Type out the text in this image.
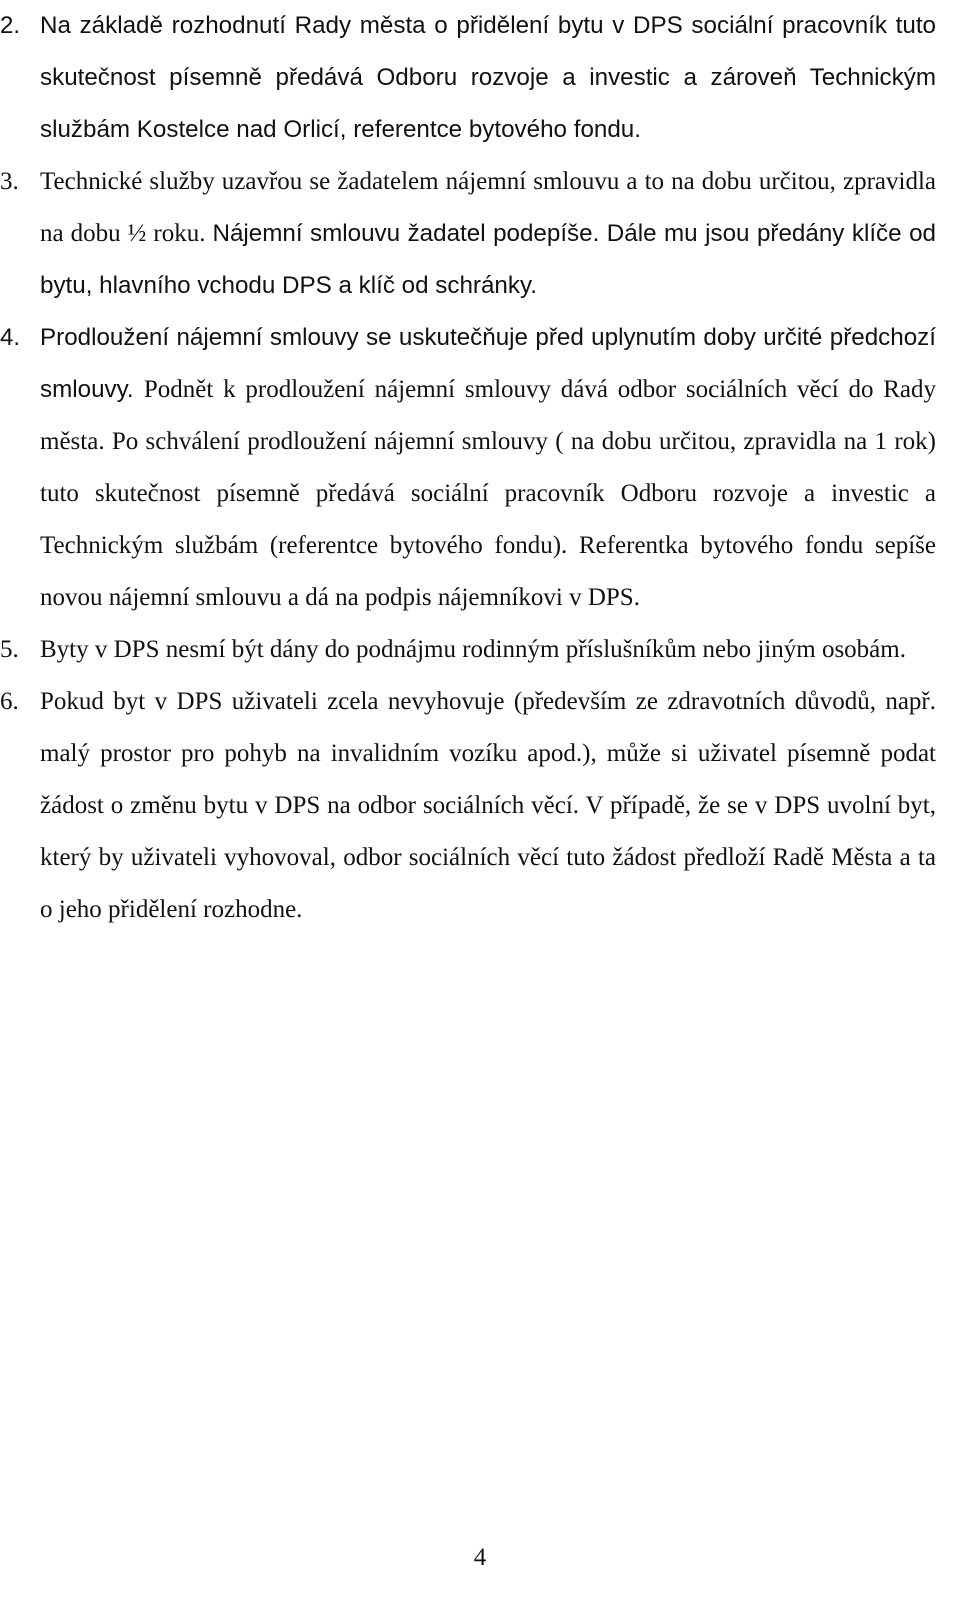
2. Na základě rozhodnutí Rady města o přidělení bytu v DPS sociální pracovník tuto skutečnost písemně předává Odboru rozvoje a investic a zároveň Technickým službám Kostelce nad Orlicí, referentce bytového fondu.

3. Technické služby uzavřou se žadatelem nájemní smlouvu a to na dobu určitou, zpravidla na dobu ½ roku. Nájemní smlouvu žadatel podepíše. Dále mu jsou předány klíče od bytu, hlavního vchodu DPS a klíč od schránky.

4. Prodloužení nájemní smlouvy se uskutečňuje před uplynutím doby určité předchozí smlouvy. Podnět k prodloužení nájemní smlouvy dává odbor sociálních věcí do Rady města. Po schválení prodloužení nájemní smlouvy ( na dobu určitou, zpravidla na 1 rok) tuto skutečnost písemně předává sociální pracovník Odboru rozvoje a investic a Technickým službám (referentce bytového fondu). Referentka bytového fondu sepíše novou nájemní smlouvu a dá na podpis nájemníkovi v DPS.

5. Byty v DPS nesmí být dány do podnájmu rodinným příslušníkům nebo jiným osobám.

6. Pokud byt v DPS uživateli zcela nevyhovuje (především ze zdravotních důvodů, např. malý prostor pro pohyb na invalidním vozíku apod.), může si uživatel písemně podat žádost o změnu bytu v DPS na odbor sociálních věcí. V případě, že se v DPS uvolní byt, který by uživateli vyhovoval, odbor sociálních věcí tuto žádost předloží Radě Města a ta o jeho přidělení rozhodne.

4
